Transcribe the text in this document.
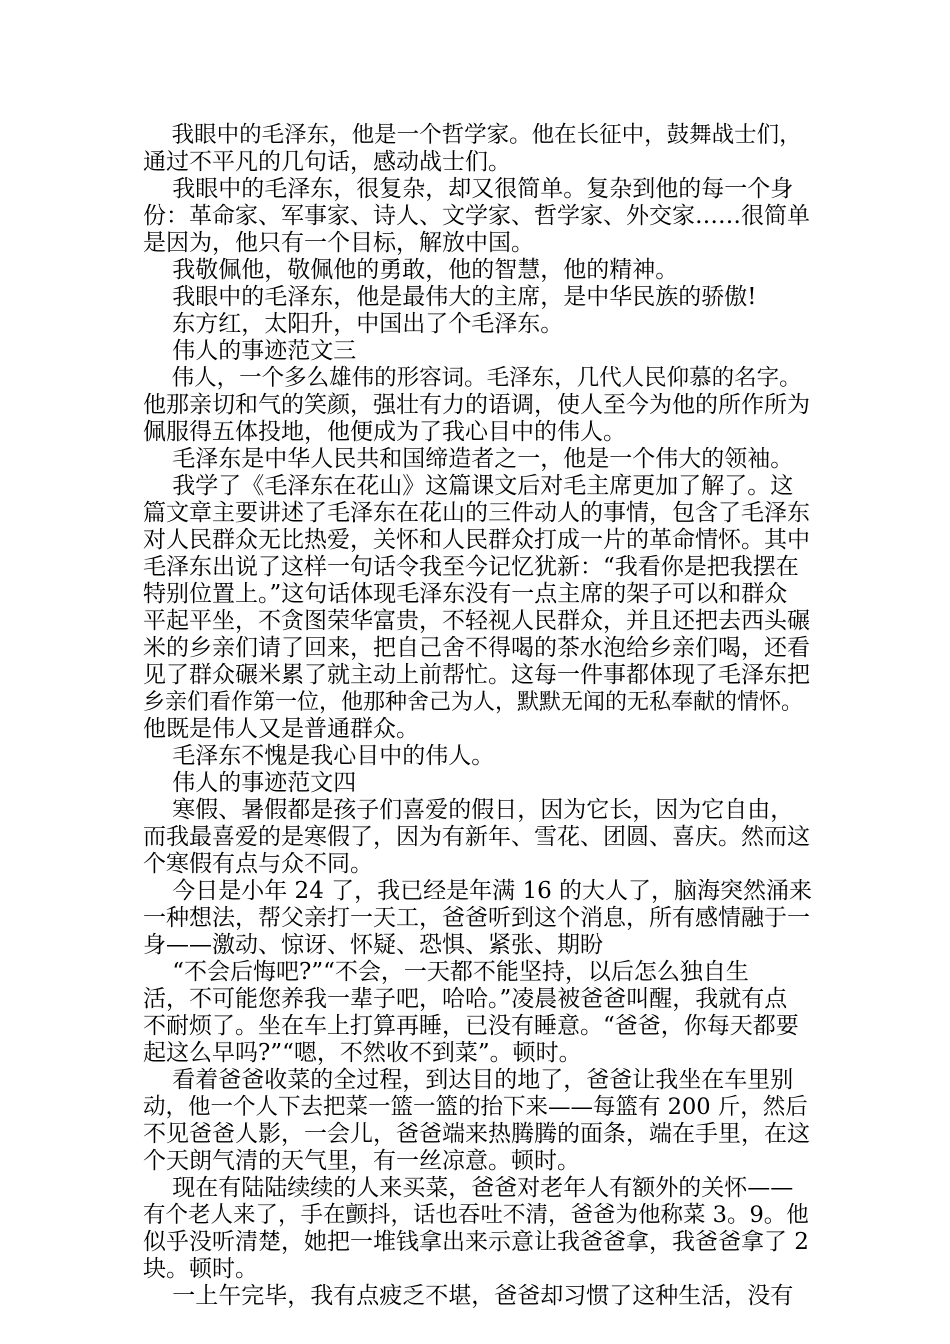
我眼中的毛泽东，他是一个哲学家。他在长征中，鼓舞战士们，
通过不平凡的几句话，感动战士们。
我眼中的毛泽东，很复杂，却又很简单。复杂到他的每一个身
份：革命家、军事家、诗人、文学家、哲学家、外交家……很简单
是因为，他只有一个目标，解放中国。
我敬佩他，敬佩他的勇敢，他的智慧，他的精神。
我眼中的毛泽东，他是最伟大的主席，是中华民族的骄傲!
东方红，太阳升，中国出了个毛泽东。
伟人的事迹范文三
伟人，一个多么雄伟的形容词。毛泽东，几代人民仰慕的名字。
他那亲切和气的笑颜，强壮有力的语调，使人至今为他的所作所为
佩服得五体投地，他便成为了我心目中的伟人。
毛泽东是中华人民共和国缔造者之一，他是一个伟大的领袖。
我学了《毛泽东在花山》这篇课文后对毛主席更加了解了。这
篇文章主要讲述了毛泽东在花山的三件动人的事情，包含了毛泽东
对人民群众无比热爱，关怀和人民群众打成一片的革命情怀。其中
毛泽东出说了这样一句话令我至今记忆犹新：“我看你是把我摆在
特别位置上。”这句话体现毛泽东没有一点主席的架子可以和群众
平起平坐，不贪图荣华富贵，不轻视人民群众，并且还把去西头碾
米的乡亲们请了回来，把自己舍不得喝的茶水泡给乡亲们喝，还看
见了群众碾米累了就主动上前帮忙。这每一件事都体现了毛泽东把
乡亲们看作第一位，他那种舍己为人，默默无闻的无私奉献的情怀。
他既是伟人又是普通群众。
毛泽东不愧是我心目中的伟人。
伟人的事迹范文四
寒假、暑假都是孩子们喜爱的假日，因为它长，因为它自由，
而我最喜爱的是寒假了，因为有新年、雪花、团圆、喜庆。然而这
个寒假有点与众不同。
今日是小年 24 了，我已经是年满 16 的大人了，脑海突然涌来
一种想法，帮父亲打一天工，爸爸听到这个消息，所有感情融于一
身——激动、惊讶、怀疑、恐惧、紧张、期盼
“不会后悔吧?”“不会，一天都不能坚持，以后怎么独自生
活，不可能您养我一辈子吧，哈哈。”凌晨被爸爸叫醒，我就有点
不耐烦了。坐在车上打算再睡，已没有睡意。“爸爸，你每天都要
起这么早吗?”“嗯，不然收不到菜”。顿时。
看着爸爸收菜的全过程，到达目的地了，爸爸让我坐在车里别
动，他一个人下去把菜一篮一篮的抬下来——每篮有 200 斤，然后
不见爸爸人影，一会儿，爸爸端来热腾腾的面条，端在手里，在这
个天朗气清的天气里，有一丝凉意。顿时。
现在有陆陆续续的人来买菜，爸爸对老年人有额外的关怀——
有个老人来了，手在颤抖，话也吞吐不清，爸爸为他称菜 3。9。他
似乎没听清楚，她把一堆钱拿出来示意让我爸爸拿，我爸爸拿了 2
块。顿时。
一上午完毕，我有点疲乏不堪，爸爸却习惯了这种生活，没有
